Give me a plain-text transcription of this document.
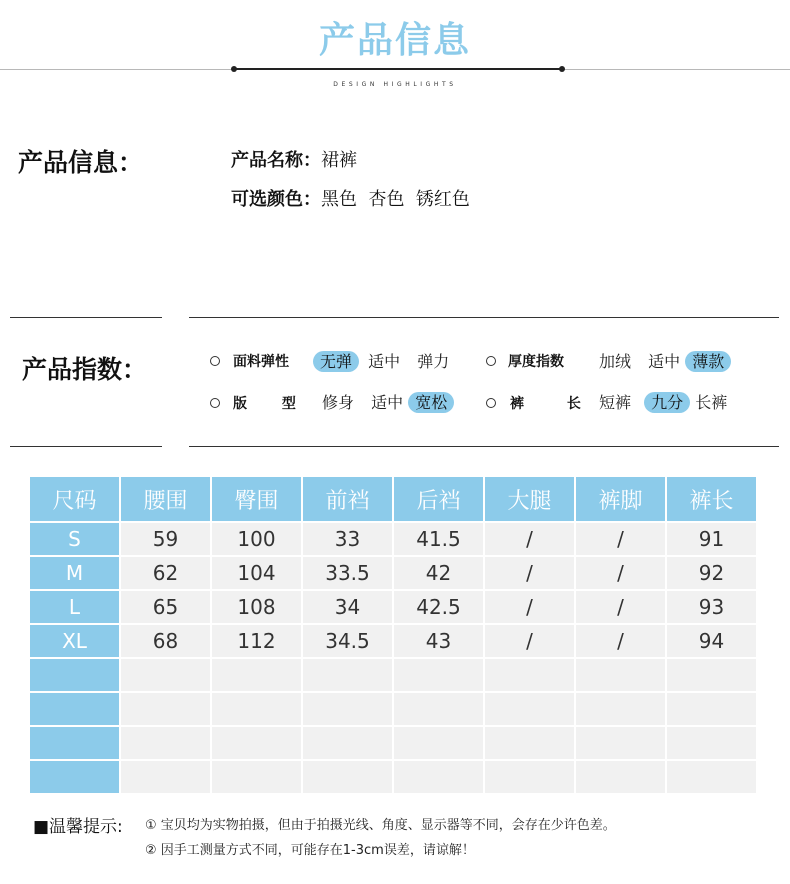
产品信息
DESIGN HIGHLIGHTS
产品信息：	产品名称：裙裤
可选颜色：黑色  杏色  锈红色
产品指数：	面料弹性	无弹 适中 弹力	厚度指数 加绒 适中 薄款
版 型 修身 适中 宽松	裤 长 短裤 九分 长裤
尺码	腰围	臀围	前裆	后裆	大腿	裤脚	裤长
S	59	100	33	41.5	/	/	91
M	62	104	33.5	42	/	/	92
L	65	108	34	42.5	/	/	93
XL	68	112	34.5	43	/	/	94

■温馨提示: ① 宝贝均为实物拍摄，但由于拍摄光线、角度、显示器等不同，会存在少许色差。
② 因手工测量方式不同，可能存在1-3cm误差，请谅解！
